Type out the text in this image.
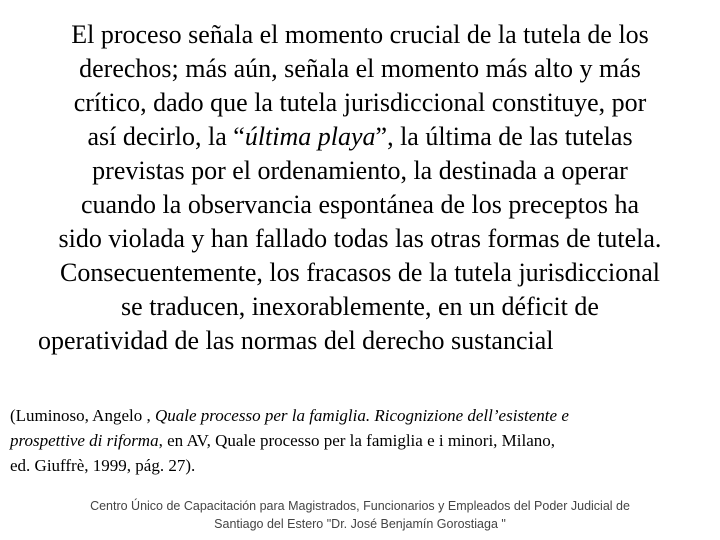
El proceso señala el momento crucial de la tutela de los
derechos; más aún, señala el momento más alto y más
crítico, dado que la tutela jurisdiccional constituye, por
así decirlo, la “última playa”, la última de las tutelas
previstas por el ordenamiento, la destinada a operar
cuando la observancia espontánea de los preceptos ha
sido violada y han fallado todas las otras formas de tutela.
Consecuentemente, los fracasos de la tutela jurisdiccional
se traducen, inexorablemente, en un déficit de
operatividad de las normas del derecho sustancial
(Luminoso, Angelo , Quale processo per la famiglia. Ricognizione dell’esistente e
prospettive di riforma, en AV, Quale processo per la famiglia e i minori, Milano,
ed. Giuffrè, 1999, pág. 27).
Centro Único de Capacitación para Magistrados, Funcionarios y Empleados del Poder Judicial de
Santiago del Estero "Dr. José Benjamín Gorostiaga "
